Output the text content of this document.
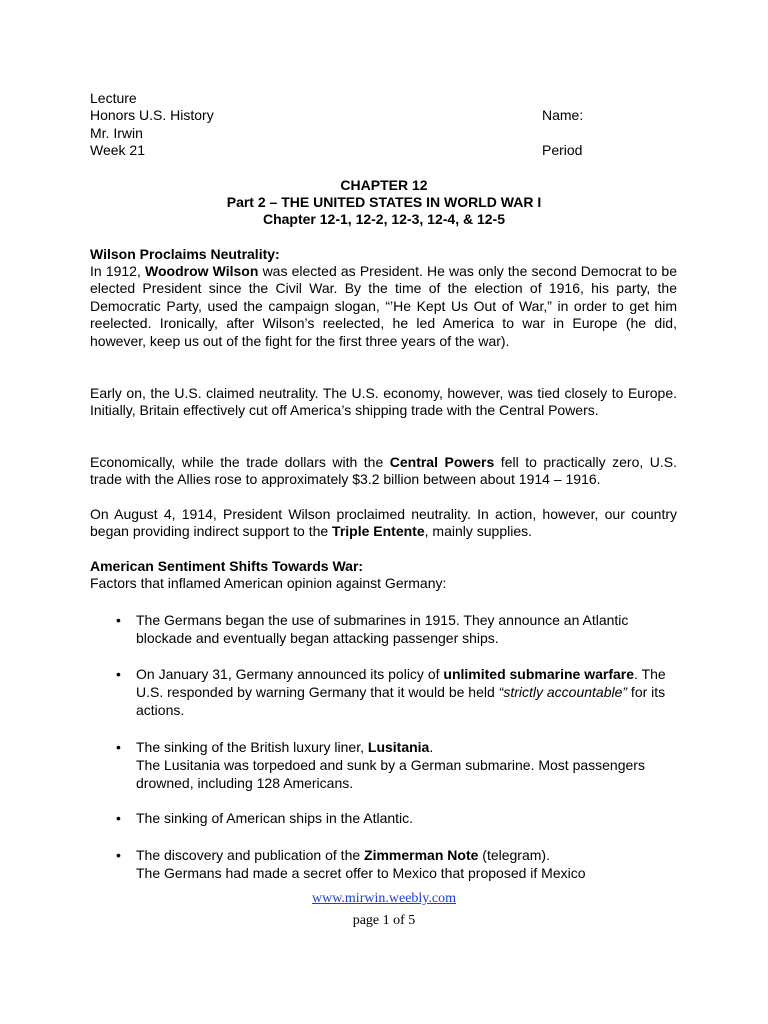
Lecture
Honors U.S. History	Name:
Mr. Irwin
Week 21	Period
CHAPTER 12
Part 2 – THE UNITED STATES IN WORLD WAR I
Chapter 12-1, 12-2, 12-3, 12-4, & 12-5
Wilson Proclaims Neutrality:
In 1912, Woodrow Wilson was elected as President. He was only the second Democrat to be elected President since the Civil War. By the time of the election of 1916, his party, the Democratic Party, used the campaign slogan, “’He Kept Us Out of War,” in order to get him reelected. Ironically, after Wilson’s reelected, he led America to war in Europe (he did, however, keep us out of the fight for the first three years of the war).
Early on, the U.S. claimed neutrality. The U.S. economy, however, was tied closely to Europe. Initially, Britain effectively cut off America’s shipping trade with the Central Powers.
Economically, while the trade dollars with the Central Powers fell to practically zero, U.S. trade with the Allies rose to approximately $3.2 billion between about 1914 – 1916.
On August 4, 1914, President Wilson proclaimed neutrality. In action, however, our country began providing indirect support to the Triple Entente, mainly supplies.
American Sentiment Shifts Towards War:
Factors that inflamed American opinion against Germany:
•	The Germans began the use of submarines in 1915. They announce an Atlantic blockade and eventually began attacking passenger ships.
•	On January 31, Germany announced its policy of unlimited submarine warfare. The U.S. responded by warning Germany that it would be held “strictly accountable” for its actions.
•	The sinking of the British luxury liner, Lusitania.
The Lusitania was torpedoed and sunk by a German submarine. Most passengers drowned, including 128 Americans.
•	The sinking of American ships in the Atlantic.
•	The discovery and publication of the Zimmerman Note (telegram).
The Germans had made a secret offer to Mexico that proposed if Mexico
www.mirwin.weebly.com
page 1 of 5
